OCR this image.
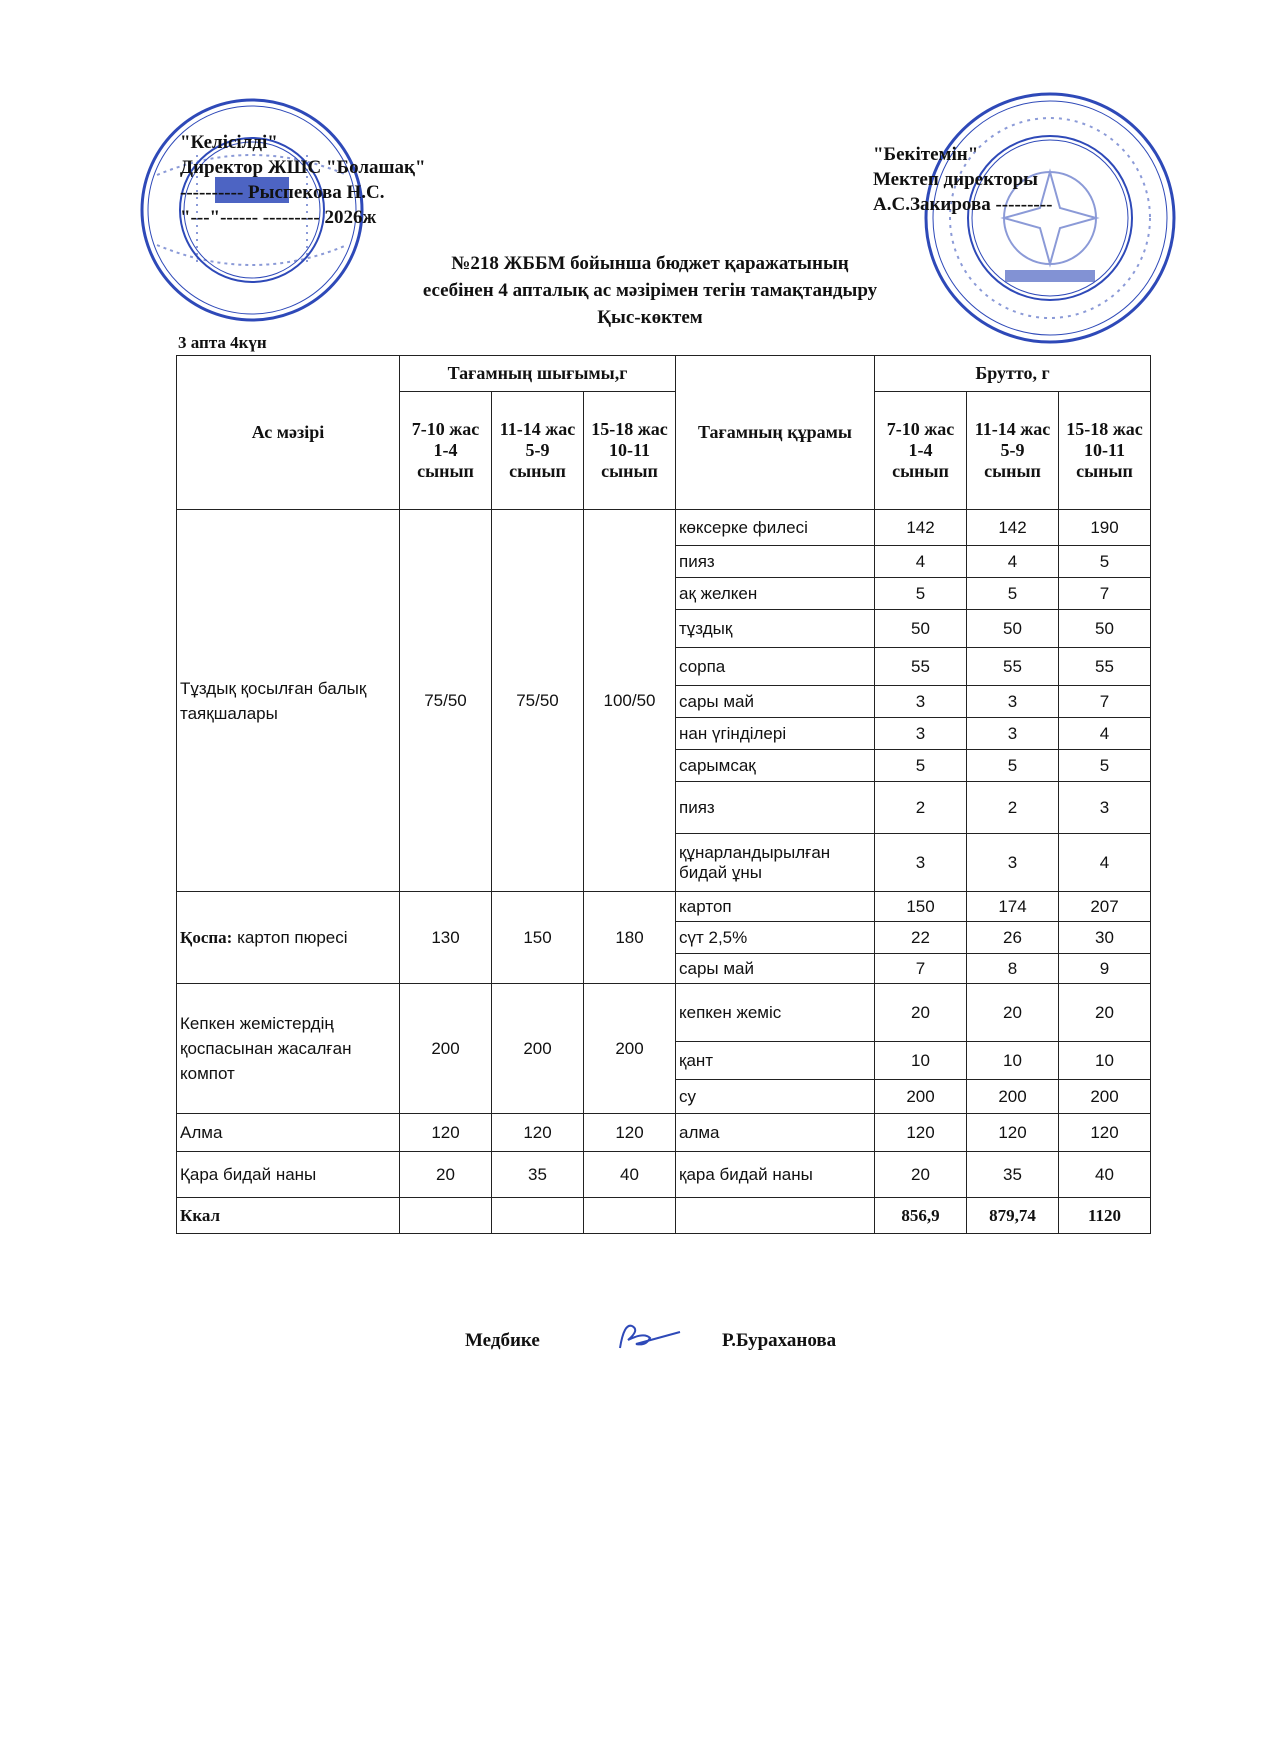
"Келісілді"
Директор ЖШС "Болашақ"
---------- Рыспекова Н.С.
"---"------ --------- 2026ж
"Бекітемін"
Мектеп директоры
А.С.Закирова ---------
№218 ЖББМ бойынша бюджет қаражатының
есебінен 4 апталық ас мәзірімен тегін тамақтандыру
Қыс-көктем
3 апта 4күн
Ас мәзірі	Тағамның шығымы,г			Тағамның құрамы	Брутто, г		
	7-10 жас 1-4 сынып	11-14 жас 5-9 сынып	15-18 жас 10-11 сынып		7-10 жас 1-4 сынып	11-14 жас 5-9 сынып	15-18 жас 10-11 сынып
Тұздық қосылған балық таяқшалары	75/50	75/50	100/50	көксерке филесі	142	142	190
				пияз	4	4	5
				ақ желкен	5	5	7
				тұздық	50	50	50
				сорпа	55	55	55
				сары май	3	3	7
				нан үгінділері	3	3	4
				сарымсақ	5	5	5
				пияз	2	2	3
				құнарландырылған бидай ұны	3	3	4
Қоспа: картоп пюресі	130	150	180	картоп	150	174	207
				сүт 2,5%	22	26	30
				сары май	7	8	9
Кепкен жемістердің қоспасынан жасалған компот	200	200	200	кепкен жеміс	20	20	20
				қант	10	10	10
				су	200	200	200
Алма	120	120	120	алма	120	120	120
Қара бидай наны	20	35	40	қара бидай наны	20	35	40
Ккал					856,9	879,74	1120
Медбике	Р.Бураханова
